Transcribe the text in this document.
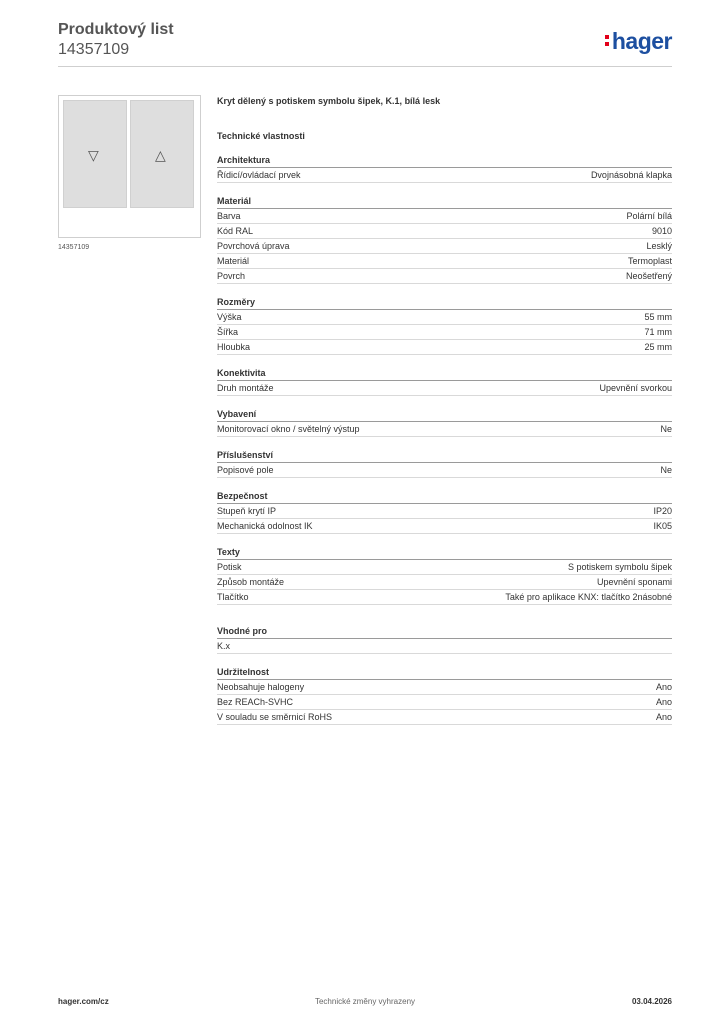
Produktový list
14357109	hager
▽	△
14357109
Kryt dělený s potiskem symbolu šipek, K.1, bílá lesk
Technické vlastnosti
Architektura
Řídicí/ovládací prvek	Dvojnásobná klapka
Materiál
Barva	Polární bílá
Kód RAL	9010
Povrchová úprava	Lesklý
Materiál	Termoplast
Povrch	Neošetřený
Rozměry
Výška	55 mm
Šířka	71 mm
Hloubka	25 mm
Konektivita
Druh montáže	Upevnění svorkou
Vybavení
Monitorovací okno / světelný výstup	Ne
Příslušenství
Popisové pole	Ne
Bezpečnost
Stupeň krytí IP	IP20
Mechanická odolnost IK	IK05
Texty
Potisk	S potiskem symbolu šipek
Způsob montáže	Upevnění sponami
Tlačítko	Také pro aplikace KNX: tlačítko 2násobné
Vhodné pro
K.x
Udržitelnost
Neobsahuje halogeny	Ano
Bez REACh-SVHC	Ano
V souladu se směrnicí RoHS	Ano
hager.com/cz	Technické změny vyhrazeny	03.04.2026
